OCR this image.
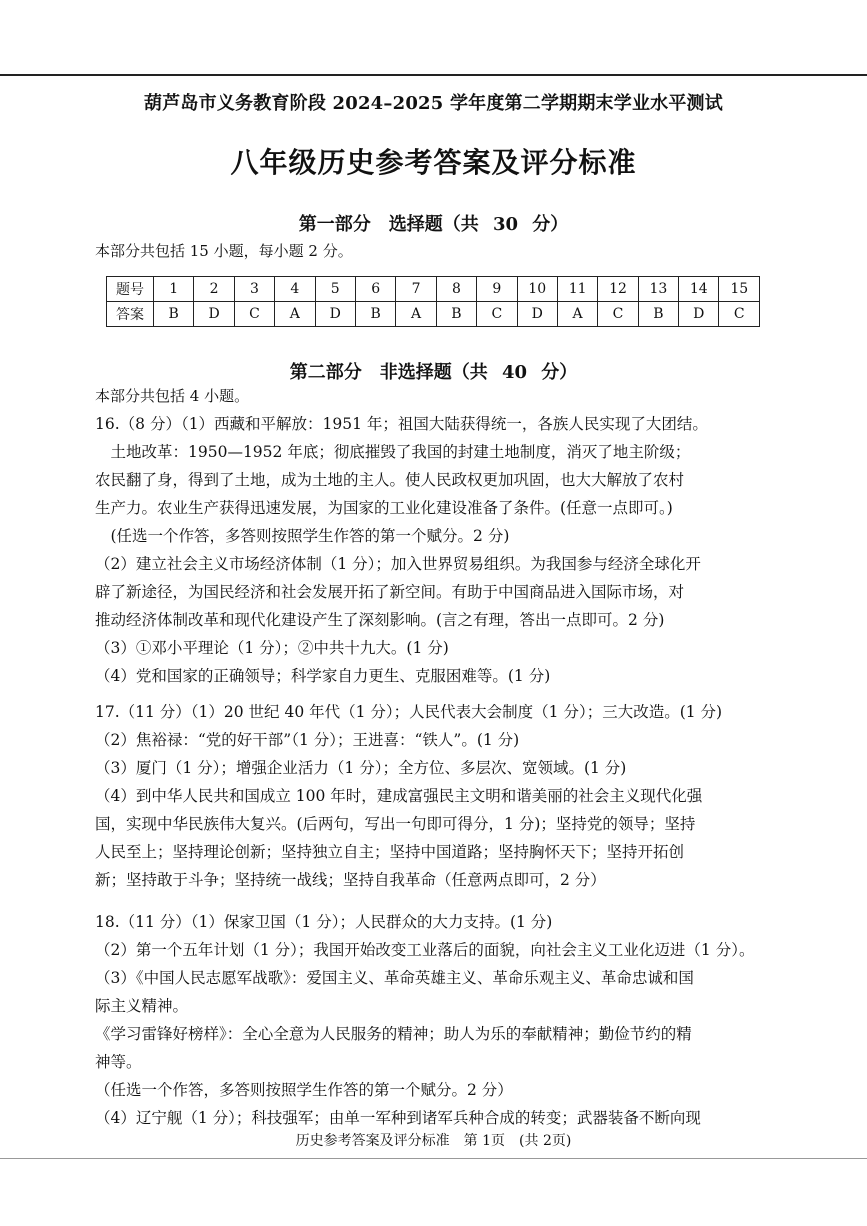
葫芦岛市义务教育阶段 2024–2025 学年度第二学期期末学业水平测试
八年级历史参考答案及评分标准
第一部分　选择题（共 30 分）
本部分共包括 15 小题，每小题 2 分。
题号	1	2	3	4	5	6	7	8	9	10	11	12	13	14	15
答案	B	D	C	A	D	B	A	B	C	D	A	C	B	D	C
第二部分　非选择题（共 40 分）
本部分共包括 4 小题。

16.（8 分）（1）西藏和平解放：1951 年；祖国大陆获得统一，各族人民实现了大团结。

　土地改革：1950—1952 年底；彻底摧毁了我国的封建土地制度，消灭了地主阶级；

农民翻了身，得到了土地，成为土地的主人。使人民政权更加巩固，也大大解放了农村

生产力。农业生产获得迅速发展，为国家的工业化建设准备了条件。(任意一点即可。)

　(任选一个作答，多答则按照学生作答的第一个赋分。2 分)

（2）建立社会主义市场经济体制（1 分）；加入世界贸易组织。为我国参与经济全球化开

辟了新途径，为国民经济和社会发展开拓了新空间。有助于中国商品进入国际市场，对

推动经济体制改革和现代化建设产生了深刻影响。(言之有理，答出一点即可。2 分)

（3）①邓小平理论（1 分）；②中共十九大。(1 分)

（4）党和国家的正确领导；科学家自力更生、克服困难等。(1 分)

17.（11 分）（1）20 世纪 40 年代（1 分）；人民代表大会制度（1 分）；三大改造。(1 分)

（2）焦裕禄：“党的好干部”（1 分）；王进喜：“铁人”。(1 分)

（3）厦门（1 分）；增强企业活力（1 分）；全方位、多层次、宽领域。(1 分)

（4）到中华人民共和国成立 100 年时，建成富强民主文明和谐美丽的社会主义现代化强

国，实现中华民族伟大复兴。(后两句，写出一句即可得分，1 分)；坚持党的领导；坚持

人民至上；坚持理论创新；坚持独立自主；坚持中国道路；坚持胸怀天下；坚持开拓创

新；坚持敢于斗争；坚持统一战线；坚持自我革命（任意两点即可，2 分）

18.（11 分）（1）保家卫国（1 分）；人民群众的大力支持。(1 分)

（2）第一个五年计划（1 分）；我国开始改变工业落后的面貌，向社会主义工业化迈进（1 分）。

（3）《中国人民志愿军战歌》：爱国主义、革命英雄主义、革命乐观主义、革命忠诚和国

际主义精神。

《学习雷锋好榜样》：全心全意为人民服务的精神；助人为乐的奉献精神；勤俭节约的精

神等。

（任选一个作答，多答则按照学生作答的第一个赋分。2 分）

（4）辽宁舰（1 分）；科技强军；由单一军种到诸军兵种合成的转变；武器装备不断向现

历史参考答案及评分标准　第 1页　(共 2页)
